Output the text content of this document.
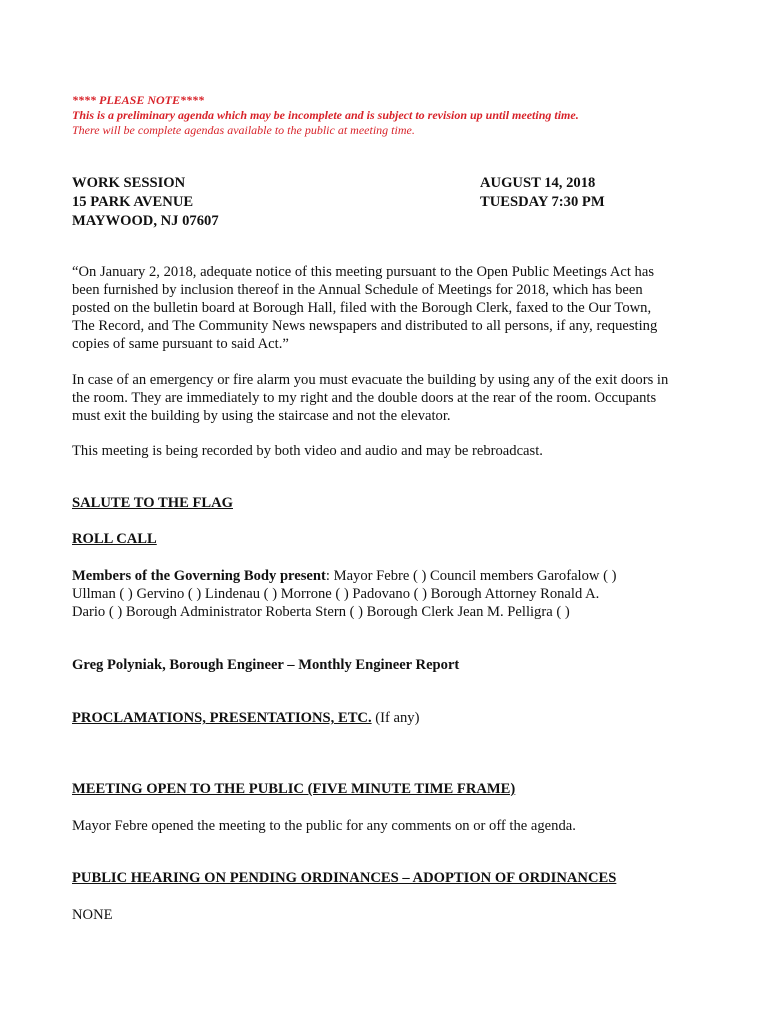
**** PLEASE NOTE****
This is a preliminary agenda which may be incomplete and is subject to revision up until meeting time.
There will be complete agendas available to the public at meeting time.
WORK SESSION
15 PARK AVENUE
MAYWOOD, NJ 07607
AUGUST 14, 2018
TUESDAY 7:30 PM
“On January 2, 2018, adequate notice of this meeting pursuant to the Open Public Meetings Act has
been furnished by inclusion thereof in the Annual Schedule of Meetings for 2018, which has been
posted on the bulletin board at Borough Hall, filed with the Borough Clerk, faxed to the Our Town,
The Record, and The Community News newspapers and distributed to all persons, if any, requesting
copies of same pursuant to said Act.”
In case of an emergency or fire alarm you must evacuate the building by using any of the exit doors in
the room. They are immediately to my right and the double doors at the rear of the room. Occupants
must exit the building by using the staircase and not the elevator.
This meeting is being recorded by both video and audio and may be rebroadcast.
SALUTE TO THE FLAG
ROLL CALL
Members of the Governing Body present: Mayor Febre ( ) Council members Garofalow ( )
Ullman ( ) Gervino ( ) Lindenau ( ) Morrone ( ) Padovano ( ) Borough Attorney Ronald A.
Dario ( ) Borough Administrator Roberta Stern ( ) Borough Clerk Jean M. Pelligra ( )
Greg Polyniak, Borough Engineer – Monthly Engineer Report
PROCLAMATIONS, PRESENTATIONS, ETC. (If any)
MEETING OPEN TO THE PUBLIC (FIVE MINUTE TIME FRAME)
Mayor Febre opened the meeting to the public for any comments on or off the agenda.
PUBLIC HEARING ON PENDING ORDINANCES – ADOPTION OF ORDINANCES
NONE
